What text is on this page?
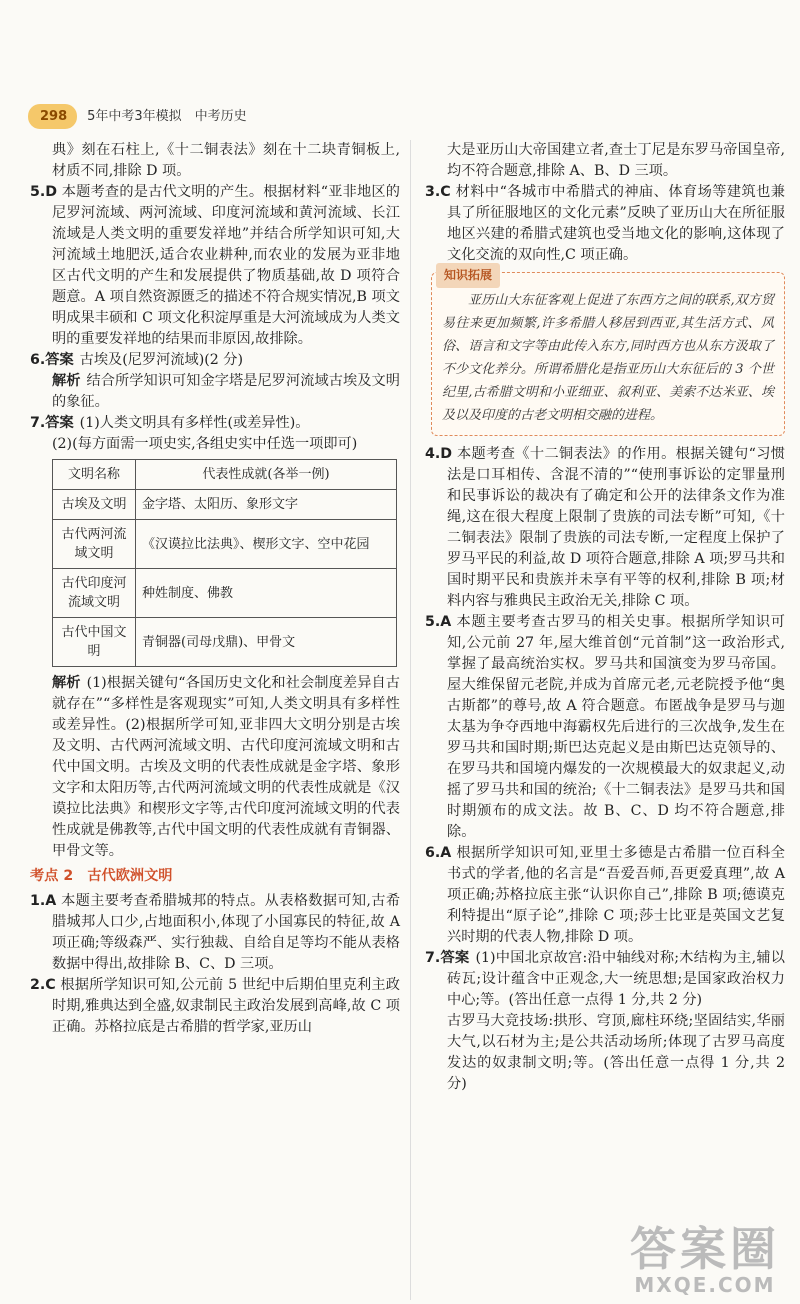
298	5年中考3年模拟　中考历史

典》刻在石柱上,《十二铜表法》刻在十二块青铜板上,材质不同,排除 D 项。

5.D 本题考查的是古代文明的产生。根据材料“亚非地区的尼罗河流域、两河流域、印度河流域和黄河流域、长江流域是人类文明的重要发祥地”并结合所学知识可知,大河流域土地肥沃,适合农业耕种,而农业的发展为亚非地区古代文明的产生和发展提供了物质基础,故 D 项符合题意。A 项自然资源匮乏的描述不符合规实情况,B 项文明成果丰硕和 C 项文化积淀厚重是大河流域成为人类文明的重要发祥地的结果而非原因,故排除。

6.答案 古埃及(尼罗河流域)(2 分)

解析 结合所学知识可知金字塔是尼罗河流域古埃及文明的象征。

7.答案 (1)人类文明具有多样性(或差异性)。

(2)(每方面需一项史实,各组史实中任选一项即可)

文明名称	代表性成就(各举一例)
古埃及文明	金字塔、太阳历、象形文字
古代两河流域文明	《汉谟拉比法典》、楔形文字、空中花园
古代印度河流域文明	种姓制度、佛教
古代中国文明	青铜器(司母戊鼎)、甲骨文

解析 (1)根据关键句“各国历史文化和社会制度差异自古就存在”“多样性是客观现实”可知,人类文明具有多样性或差异性。(2)根据所学可知,亚非四大文明分别是古埃及文明、古代两河流域文明、古代印度河流域文明和古代中国文明。古埃及文明的代表性成就是金字塔、象形文字和太阳历等,古代两河流域文明的代表性成就是《汉谟拉比法典》和楔形文字等,古代印度河流域文明的代表性成就是佛教等,古代中国文明的代表性成就有青铜器、甲骨文等。

考点 2　古代欧洲文明

1.A 本题主要考查希腊城邦的特点。从表格数据可知,古希腊城邦人口少,占地面积小,体现了小国寡民的特征,故 A 项正确;等级森严、实行独裁、自给自足等均不能从表格数据中得出,故排除 B、C、D 三项。

2.C 根据所学知识可知,公元前 5 世纪中后期伯里克利主政时期,雅典达到全盛,奴隶制民主政治发展到高峰,故 C 项正确。苏格拉底是古希腊的哲学家,亚历山

大是亚历山大帝国建立者,查士丁尼是东罗马帝国皇帝,均不符合题意,排除 A、B、D 三项。

3.C 材料中“各城市中希腊式的神庙、体育场等建筑也兼具了所征服地区的文化元素”反映了亚历山大在所征服地区兴建的希腊式建筑也受当地文化的影响,这体现了文化交流的双向性,C 项正确。

知识拓展

亚历山大东征客观上促进了东西方之间的联系,双方贸易往来更加频繁,许多希腊人移居到西亚,其生活方式、风俗、语言和文字等由此传入东方,同时西方也从东方汲取了不少文化养分。所谓希腊化是指亚历山大东征后的 3 个世纪里,古希腊文明和小亚细亚、叙利亚、美索不达米亚、埃及以及印度的古老文明相交融的进程。

4.D 本题考查《十二铜表法》的作用。根据关键句“习惯法是口耳相传、含混不清的”“使刑事诉讼的定罪量刑和民事诉讼的裁决有了确定和公开的法律条文作为准绳,这在很大程度上限制了贵族的司法专断”可知,《十二铜表法》限制了贵族的司法专断,一定程度上保护了罗马平民的利益,故 D 项符合题意,排除 A 项;罗马共和国时期平民和贵族并未享有平等的权利,排除 B 项;材料内容与雅典民主政治无关,排除 C 项。

5.A 本题主要考查古罗马的相关史事。根据所学知识可知,公元前 27 年,屋大维首创“元首制”这一政治形式,掌握了最高统治实权。罗马共和国演变为罗马帝国。屋大维保留元老院,并成为首席元老,元老院授予他“奥古斯都”的尊号,故 A 符合题意。布匿战争是罗马与迦太基为争夺西地中海霸权先后进行的三次战争,发生在罗马共和国时期;斯巴达克起义是由斯巴达克领导的、在罗马共和国境内爆发的一次规模最大的奴隶起义,动摇了罗马共和国的统治;《十二铜表法》是罗马共和国时期颁布的成文法。故 B、C、D 均不符合题意,排除。

6.A 根据所学知识可知,亚里士多德是古希腊一位百科全书式的学者,他的名言是“吾爱吾师,吾更爱真理”,故 A 项正确;苏格拉底主张“认识你自己”,排除 B 项;德谟克利特提出“原子论”,排除 C 项;莎士比亚是英国文艺复兴时期的代表人物,排除 D 项。

7.答案 (1)中国北京故宫:沿中轴线对称;木结构为主,辅以砖瓦;设计蕴含中正观念,大一统思想;是国家政治权力中心;等。(答出任意一点得 1 分,共 2 分)

古罗马大竞技场:拱形、穹顶,廊柱环绕;坚固结实,华丽大气,以石材为主;是公共活动场所;体现了古罗马高度发达的奴隶制文明;等。(答出任意一点得 1 分,共 2 分)

答案圈
MXQE.COM
